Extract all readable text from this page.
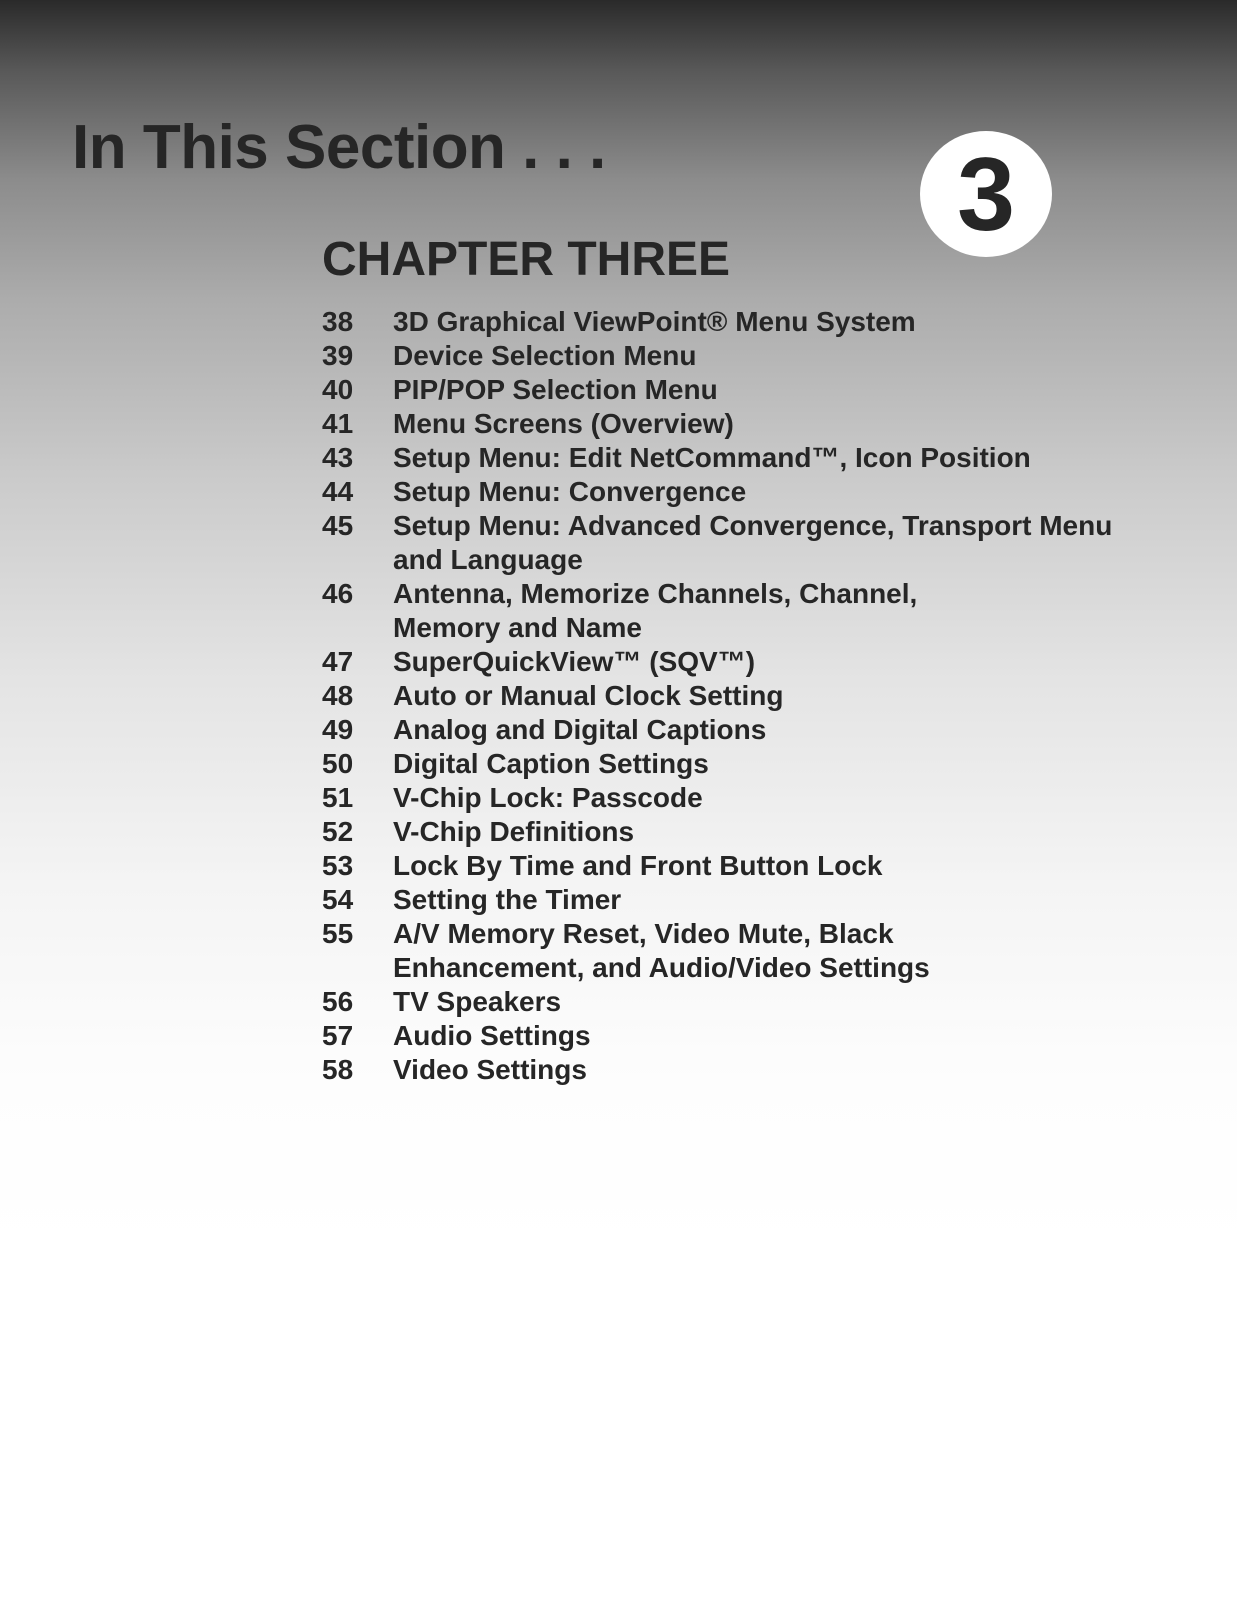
In This Section . . .	3
CHAPTER THREE
38 3D Graphical ViewPoint® Menu System
39 Device Selection Menu
40 PIP/POP Selection Menu
41 Menu Screens (Overview)
43 Setup Menu: Edit NetCommand™, Icon Position
44 Setup Menu: Convergence
45 Setup Menu: Advanced Convergence, Transport Menu
and Language
46 Antenna, Memorize Channels, Channel,
Memory and Name
47 SuperQuickView™ (SQV™)
48 Auto or Manual Clock Setting
49 Analog and Digital Captions
50 Digital Caption Settings
51 V-Chip Lock: Passcode
52 V-Chip Definitions
53 Lock By Time and Front Button Lock
54 Setting the Timer
55 A/V Memory Reset, Video Mute, Black
Enhancement, and Audio/Video Settings
56 TV Speakers
57 Audio Settings
58 Video Settings
